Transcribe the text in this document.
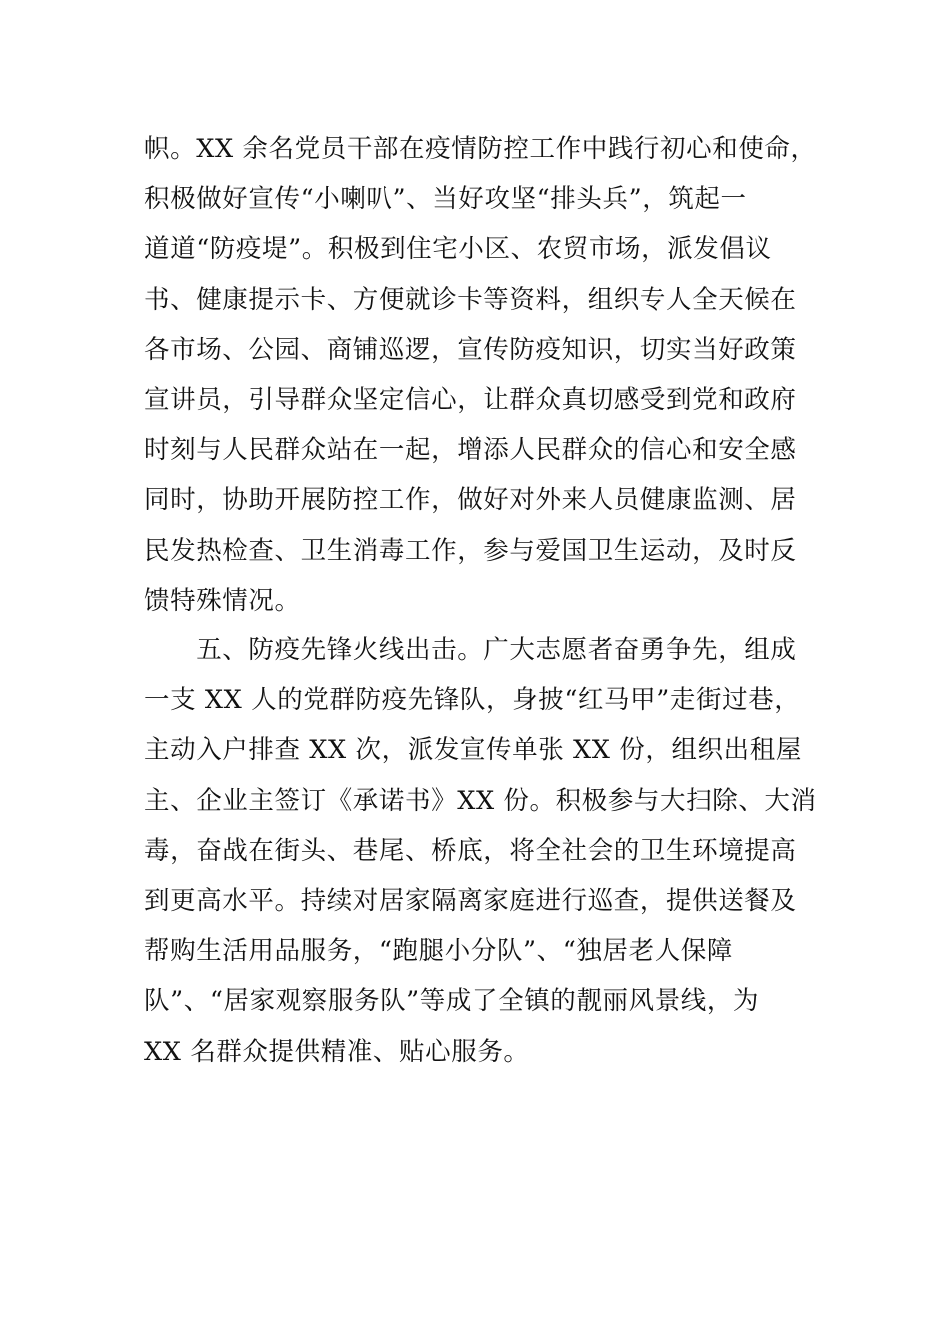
帜。XX 余名党员干部在疫情防控工作中践行初心和使命，
积极做好宣传“小喇叭”、当好攻坚“排头兵”，筑起一
道道“防疫堤”。积极到住宅小区、农贸市场，派发倡议
书、健康提示卡、方便就诊卡等资料，组织专人全天候在
各市场、公园、商铺巡逻，宣传防疫知识，切实当好政策
宣讲员，引导群众坚定信心，让群众真切感受到党和政府
时刻与人民群众站在一起，增添人民群众的信心和安全感
同时，协助开展防控工作，做好对外来人员健康监测、居
民发热检查、卫生消毒工作，参与爱国卫生运动，及时反
馈特殊情况。
　　五、防疫先锋火线出击。广大志愿者奋勇争先，组成
一支 XX 人的党群防疫先锋队，身披“红马甲”走街过巷，
主动入户排查 XX 次，派发宣传单张 XX 份，组织出租屋
主、企业主签订《承诺书》XX 份。积极参与大扫除、大消
毒，奋战在街头、巷尾、桥底，将全社会的卫生环境提高
到更高水平。持续对居家隔离家庭进行巡查，提供送餐及
帮购生活用品服务，“跑腿小分队”、“独居老人保障
队”、“居家观察服务队”等成了全镇的靓丽风景线，为
XX 名群众提供精准、贴心服务。
